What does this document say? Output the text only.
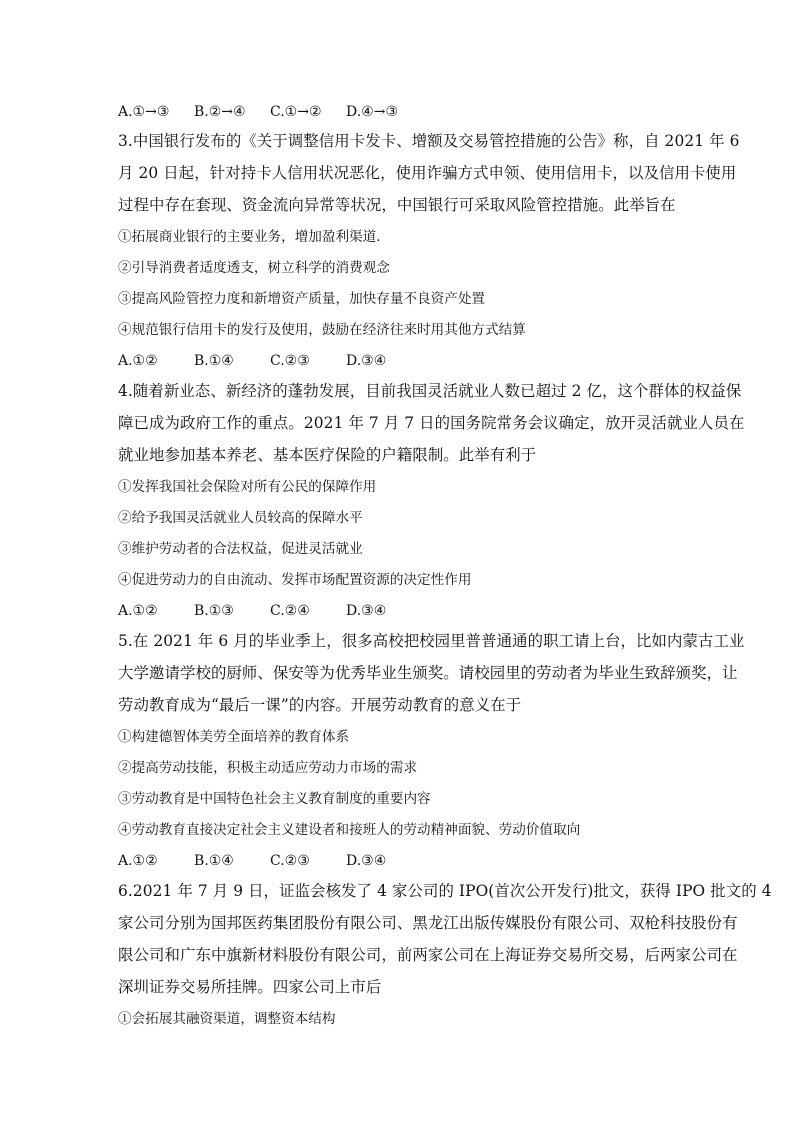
A.①→③ B.②→④ C.①→② D.④→③
3.中国银行发布的《关于调整信用卡发卡、增额及交易管控措施的公告》称，自 2021 年 6
月 20 日起，针对持卡人信用状况恶化，使用诈骗方式申领、使用信用卡，以及信用卡使用
过程中存在套现、资金流向异常等状况，中国银行可采取风险管控措施。此举旨在
①拓展商业银行的主要业务，增加盈利渠道.
②引导消费者适度透支，树立科学的消费观念
③提高风险管控力度和新增资产质量，加快存量不良资产处置
④规范银行信用卡的发行及使用，鼓励在经济往来时用其他方式结算
A.①②	B.①④	C.②③	D.③④
4.随着新业态、新经济的蓬勃发展，目前我国灵活就业人数已超过 2 亿，这个群体的权益保
障已成为政府工作的重点。2021 年 7 月 7 日的国务院常务会议确定，放开灵活就业人员在
就业地参加基本养老、基本医疗保险的户籍限制。此举有利于
①发挥我国社会保险对所有公民的保障作用
②给予我国灵活就业人员较高的保障水平
③维护劳动者的合法权益，促进灵活就业
④促进劳动力的自由流动、发挥市场配置资源的决定性作用
A.①②	B.①③	C.②④	D.③④
5.在 2021 年 6 月的毕业季上，很多高校把校园里普普通通的职工请上台，比如内蒙古工业
大学邀请学校的厨师、保安等为优秀毕业生颁奖。请校园里的劳动者为毕业生致辞颁奖，让
劳动教育成为“最后一课”的内容。开展劳动教育的意义在于
①构建德智体美劳全面培养的教育体系
②提高劳动技能，积极主动适应劳动力市场的需求
③劳动教育是中国特色社会主义教育制度的重要内容
④劳动教育直接决定社会主义建设者和接班人的劳动精神面貌、劳动价值取向
A.①②	B.①④	C.②③	D.③④
6.2021 年 7 月 9 日，证监会核发了 4 家公司的 IPO(首次公开发行)批文，获得 IPO 批文的 4
家公司分别为国邦医药集团股份有限公司、黑龙江出版传媒股份有限公司、双枪科技股份有
限公司和广东中旗新材料股份有限公司，前两家公司在上海证券交易所交易，后两家公司在
深圳证券交易所挂牌。四家公司上市后
①会拓展其融资渠道，调整资本结构
